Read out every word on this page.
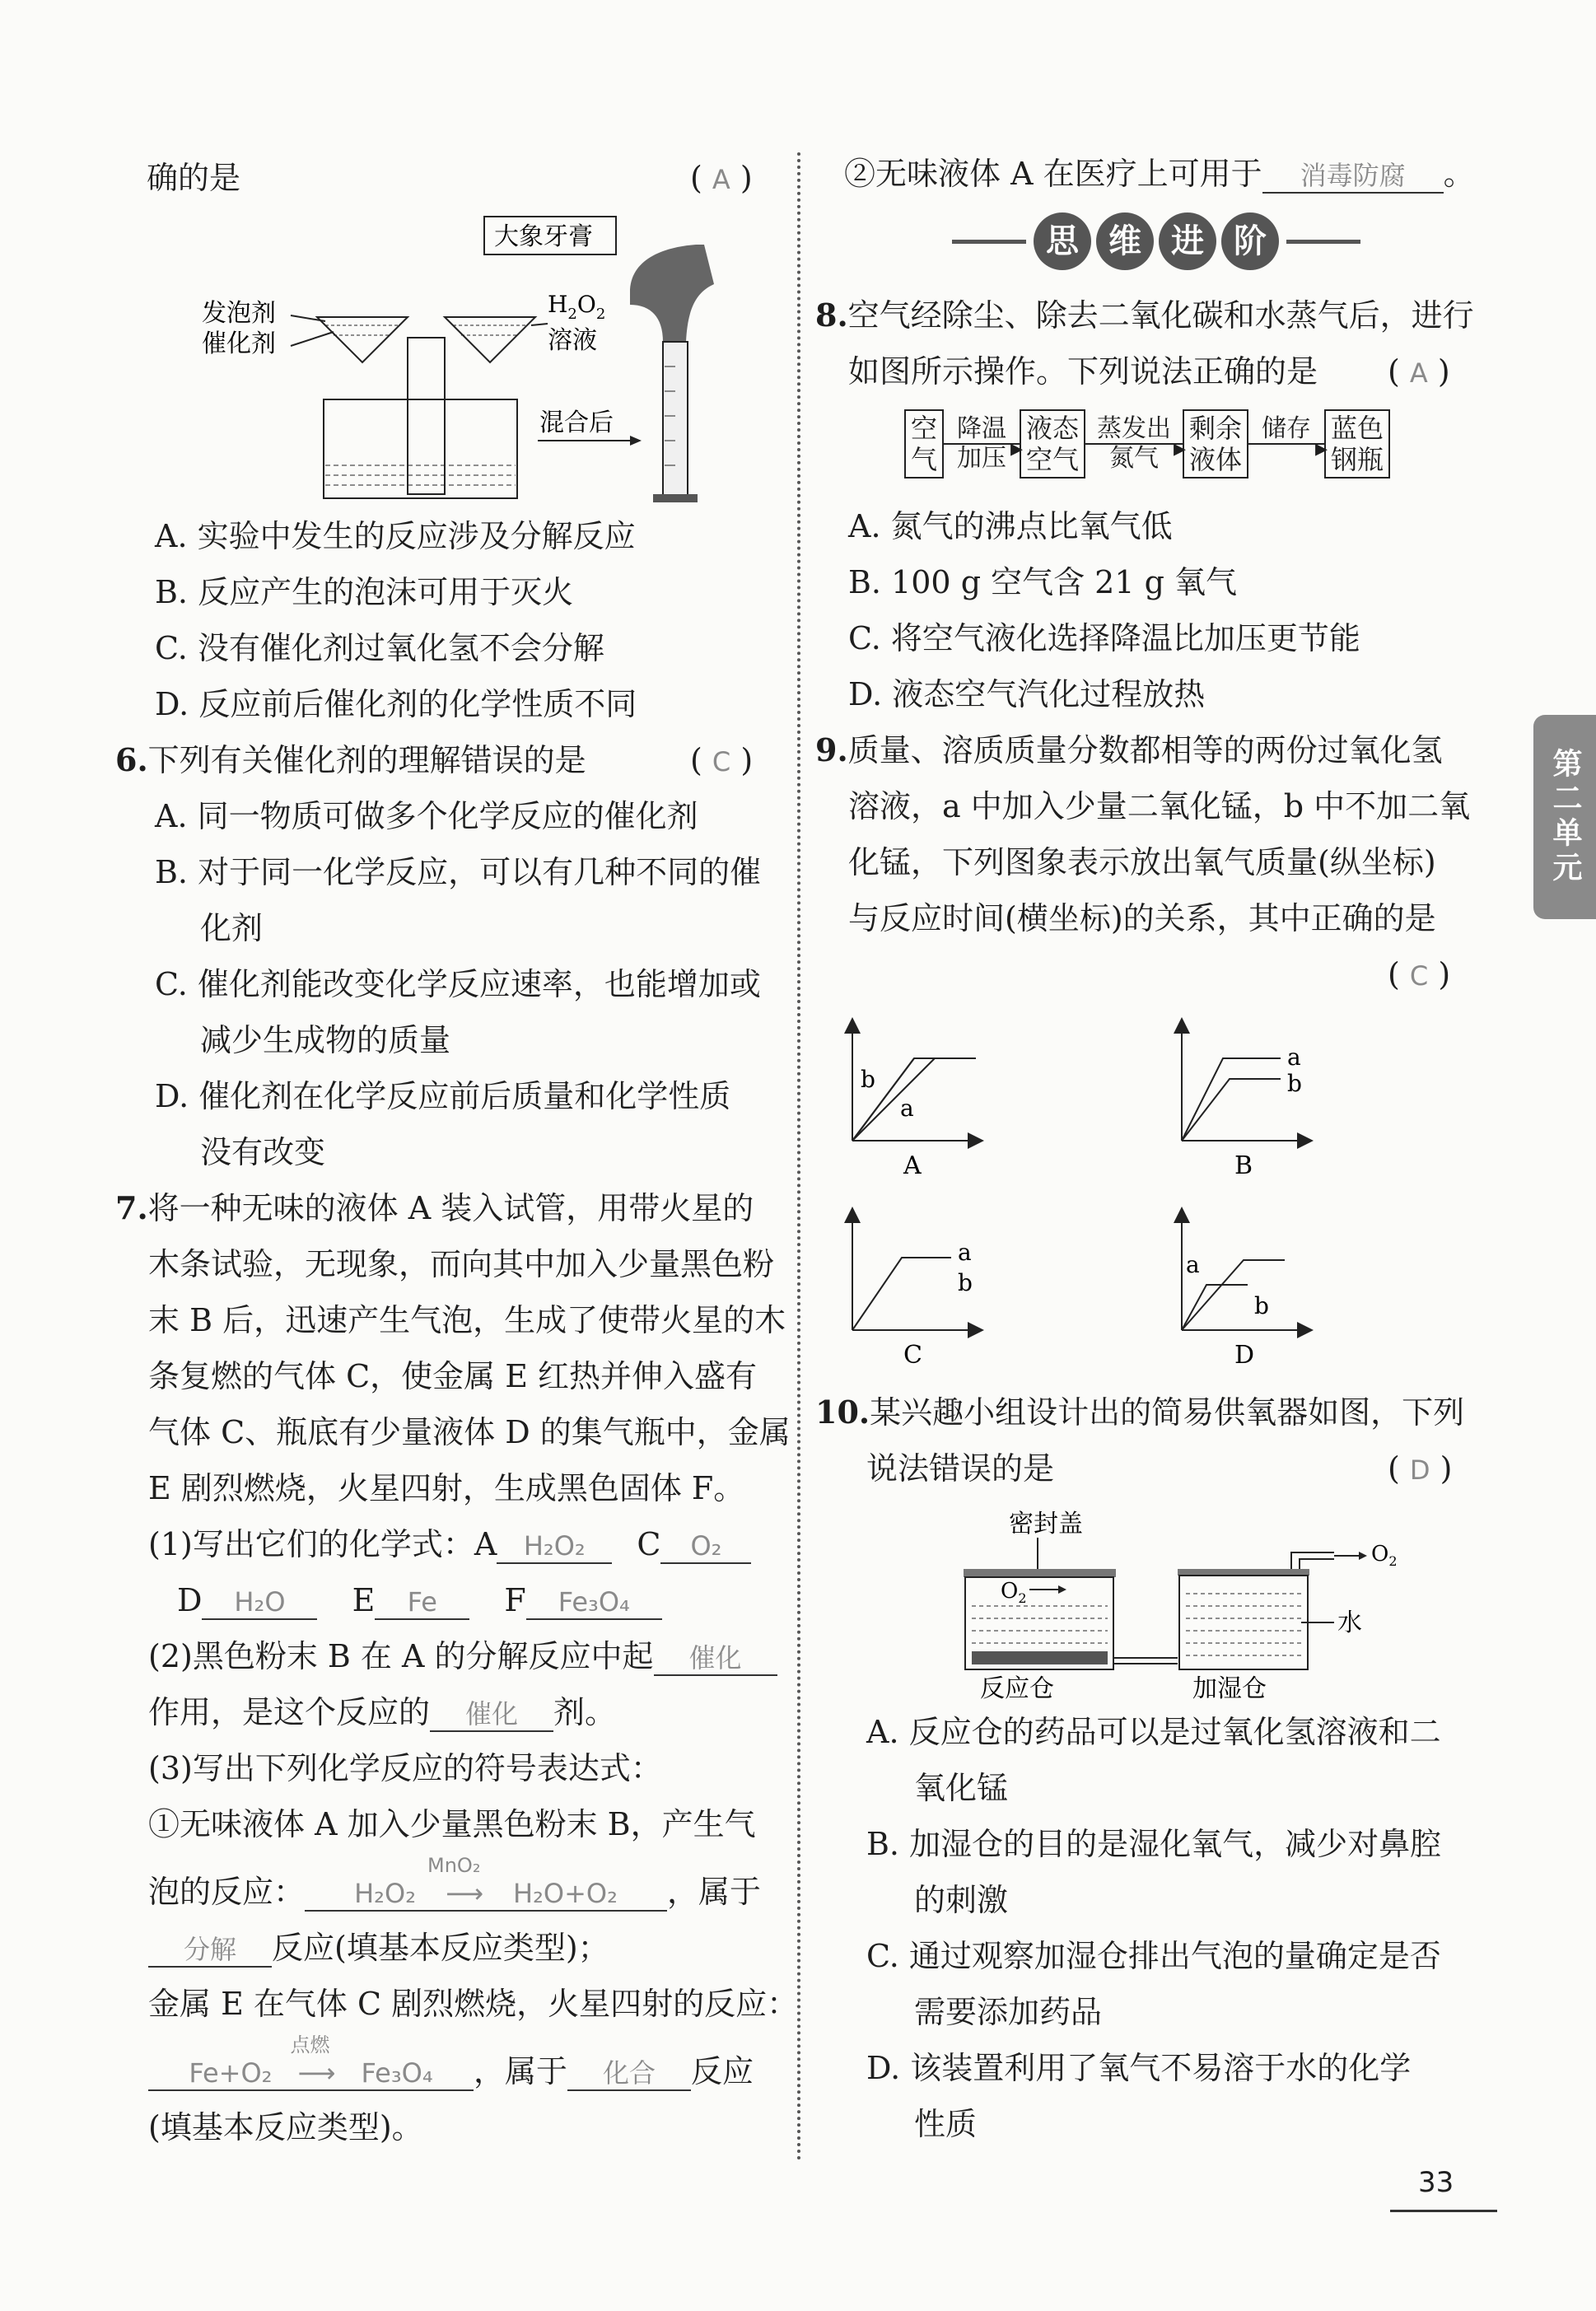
确的是	( A )
大象牙膏
发泡剂
催化剂
$H_2O_2$
溶液
混合后
A. 实验中发生的反应涉及分解反应
B. 反应产生的泡沫可用于灭火
C. 没有催化剂过氧化氢不会分解
D. 反应前后催化剂的化学性质不同
6.下列有关催化剂的理解错误的是	( C )
A. 同一物质可做多个化学反应的催化剂
B. 对于同一化学反应，可以有几种不同的催
化剂
C. 催化剂能改变化学反应速率，也能增加或
减少生成物的质量
D. 催化剂在化学反应前后质量和化学性质
没有改变
7.将一种无味的液体 A 装入试管，用带火星的
木条试验，无现象，而向其中加入少量黑色粉
末 B 后，迅速产生气泡，生成了使带火星的木
条复燃的气体 C，使金属 E 红热并伸入盛有
气体 C、瓶底有少量液体 D 的集气瓶中，金属
E 剧烈燃烧，火星四射，生成黑色固体 F。
(1)写出它们的化学式：A H₂O₂ C O₂
D H₂O E Fe F Fe₃O₄
(2)黑色粉末 B 在 A 的分解反应中起 催化
作用，是这个反应的 催化 剂。
(3)写出下列化学反应的符号表达式：
①无味液体 A 加入少量黑色粉末 B，产生气
泡的反应： H₂O₂
MnO₂
⟶ H₂O+O₂ ，属于
分解 反应(填基本反应类型)；
金属 E 在气体 C 剧烈燃烧，火星四射的反应：
Fe+O₂
点燃
⟶ Fe₃O₄ ，属于 化合 反应
(填基本反应类型)。
②无味液体 A 在医疗上可用于 消毒防腐 。
思 维 进 阶
8.空气经除尘、除去二氧化碳和水蒸气后，进行
如图所示操作。下列说法正确的是 ( A )
空
气
降温
▸
加压
液态
空气
蒸发出
▸
氮气
剩余
液体
储存
▸

蓝色
钢瓶
A. 氮气的沸点比氧气低
B. 100 g 空气含 21 g 氧气
C. 将空气液化选择降温比加压更节能
D. 液态空气汽化过程放热
9.质量、溶质质量分数都相等的两份过氧化氢
溶液，a 中加入少量二氧化锰，b 中不加二氧
化锰，下列图象表示放出氧气质量(纵坐标)
与反应时间(横坐标)的关系，其中正确的是
( C )
b
a
A
a
b
B
a
b
C
a
b
D
10.某兴趣小组设计出的简易供氧器如图，下列
说法错误的是	( D )
密封盖
$O_2$
$O_2$
水
反应仓	加湿仓
A. 反应仓的药品可以是过氧化氢溶液和二
氧化锰
B. 加湿仓的目的是湿化氧气，减少对鼻腔
的刺激
C. 通过观察加湿仓排出气泡的量确定是否
需要添加药品
D. 该装置利用了氧气不易溶于水的化学
性质
第二单元
33
